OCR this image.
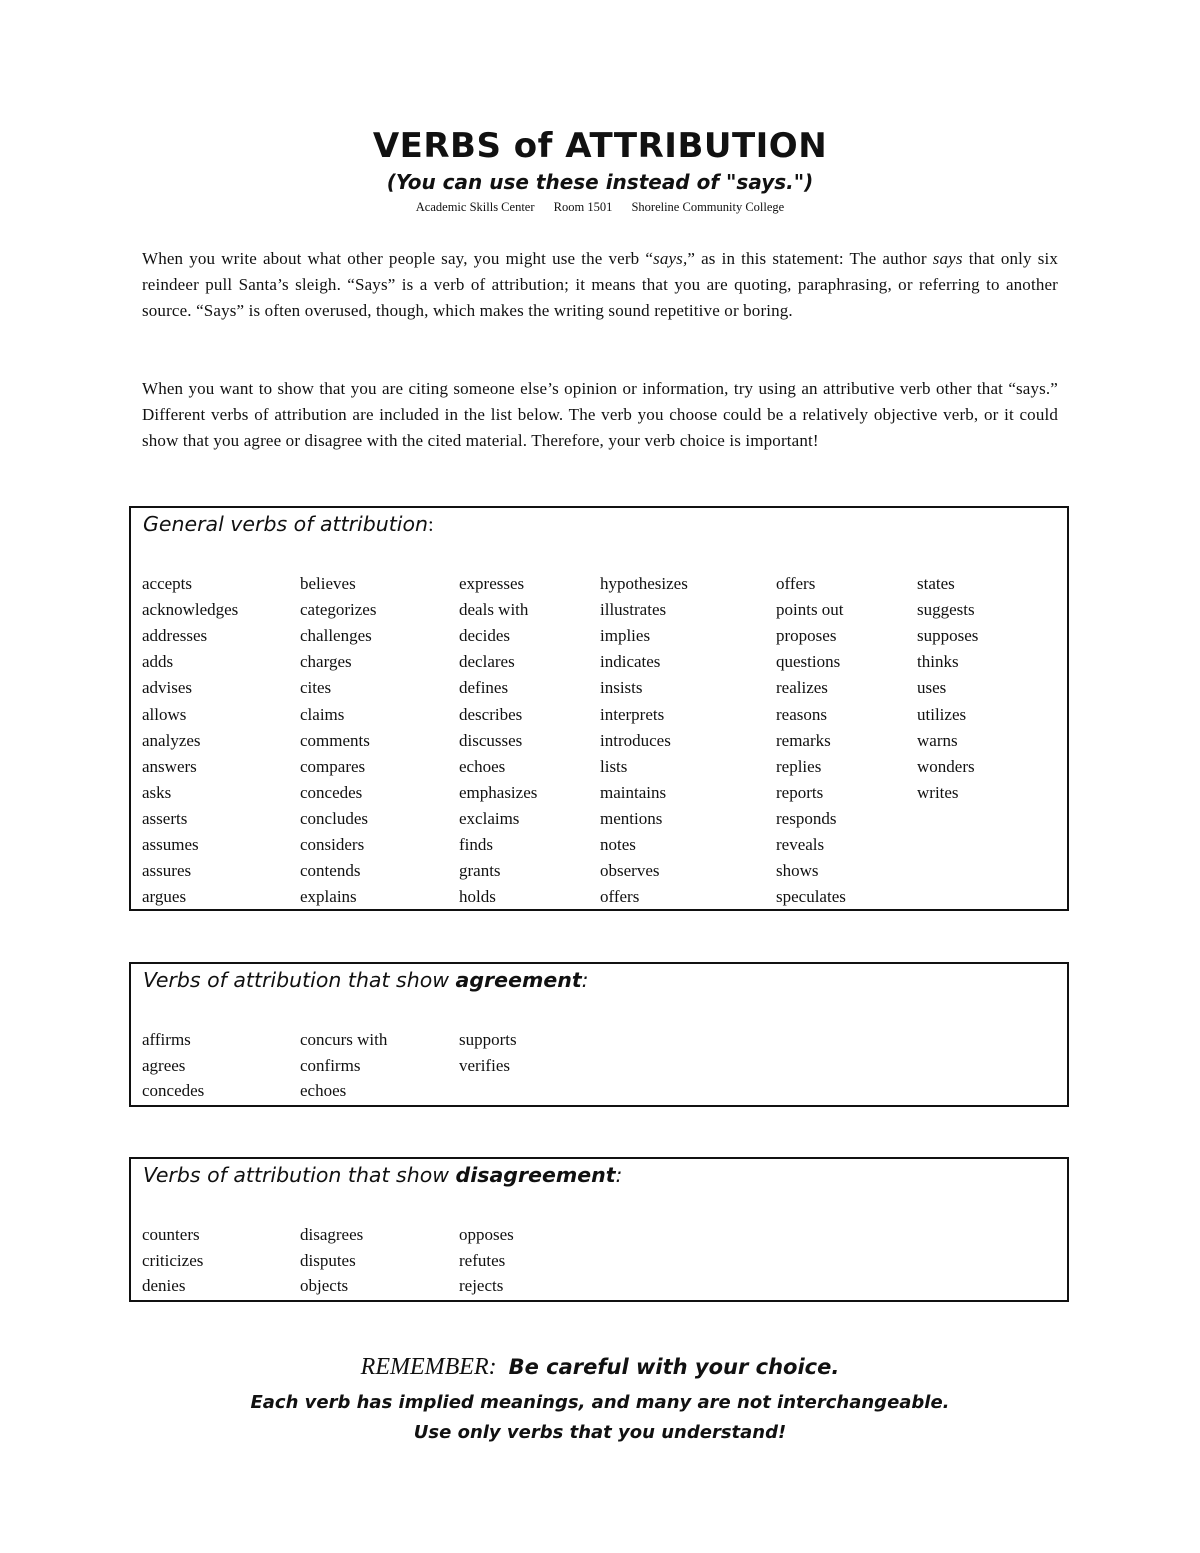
VERBS of ATTRIBUTION
(You can use these instead of "says.")
Academic Skills Center Room 1501 Shoreline Community College
When you write about what other people say, you might use the verb “says,” as in this statement: The author says that only six reindeer pull Santa’s sleigh. “Says” is a verb of attribution; it means that you are quoting, paraphrasing, or referring to another source. “Says” is often overused, though, which makes the writing sound repetitive or boring.
When you want to show that you are citing someone else’s opinion or information, try using an attributive verb other that “says.” Different verbs of attribution are included in the list below. The verb you choose could be a relatively objective verb, or it could show that you agree or disagree with the cited material. Therefore, your verb choice is important!
General verbs of attribution:
accepts
acknowledges
addresses
adds
advises
allows
analyzes
answers
asks
asserts
assumes
assures
argues
believes
categorizes
challenges
charges
cites
claims
comments
compares
concedes
concludes
considers
contends
explains
expresses
deals with
decides
declares
defines
describes
discusses
echoes
emphasizes
exclaims
finds
grants
holds
hypothesizes
illustrates
implies
indicates
insists
interprets
introduces
lists
maintains
mentions
notes
observes
offers
offers
points out
proposes
questions
realizes
reasons
remarks
replies
reports
responds
reveals
shows
speculates
states
suggests
supposes
thinks
uses
utilizes
warns
wonders
writes
Verbs of attribution that show agreement:
affirms
agrees
concedes
concurs with
confirms
echoes
supports
verifies
Verbs of attribution that show disagreement:
counters
criticizes
denies
disagrees
disputes
objects
opposes
refutes
rejects
REMEMBER: Be careful with your choice.
Each verb has implied meanings, and many are not interchangeable.
Use only verbs that you understand!
